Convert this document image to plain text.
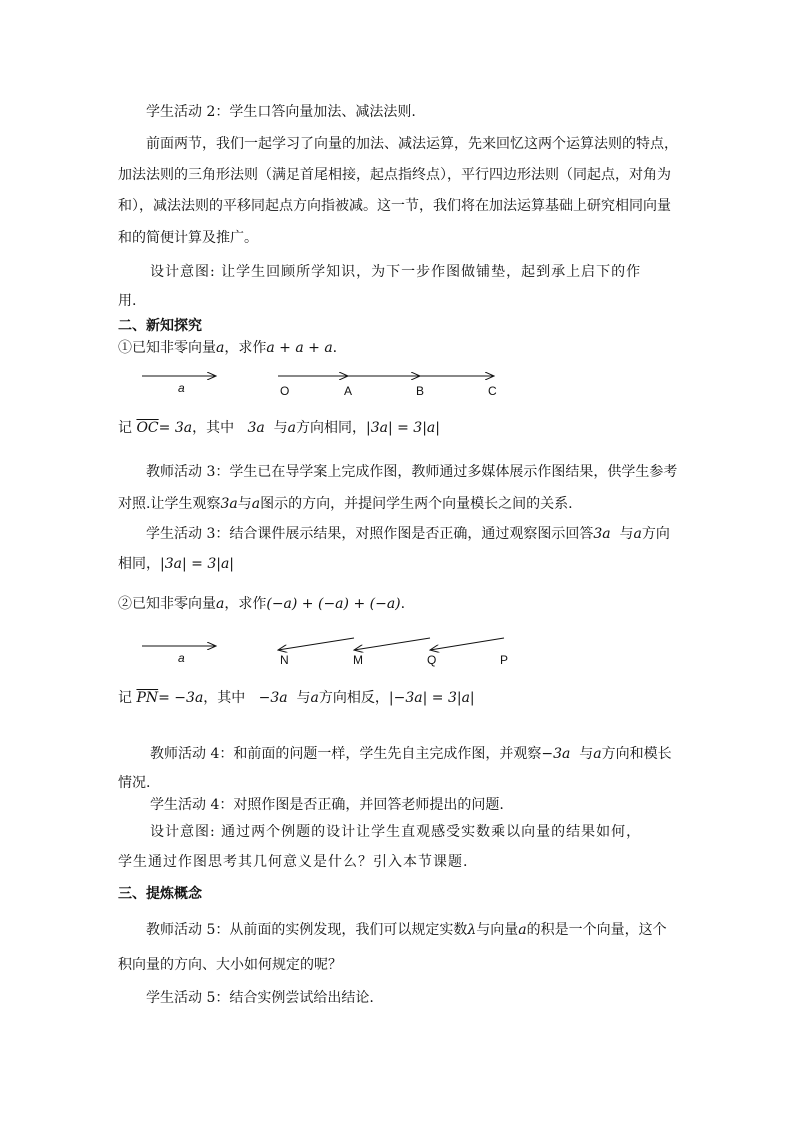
学生活动 2：学生口答向量加法、减法法则.
前面两节，我们一起学习了向量的加法、减法运算，先来回忆这两个运算法则的特点，
加法法则的三角形法则（满足首尾相接，起点指终点），平行四边形法则（同起点，对角为
和），减法法则的平移同起点方向指被减。这一节，我们将在加法运算基础上研究相同向量
和的简便计算及推广。
设计意图: 让学生回顾所学知识，为下一步作图做铺垫，起到承上启下的作
用.
二、新知探究
①已知非零向量a，求作a + a + a.
a	O	A	B	C
记 $\overline{OC}= 3a$，其中 3a 与a方向相同，|3a| = 3|a|
教师活动 3：学生已在导学案上完成作图，教师通过多媒体展示作图结果，供学生参考
对照.让学生观察3a与a图示的方向，并提问学生两个向量模长之间的关系.
学生活动 3：结合课件展示结果，对照作图是否正确，通过观察图示回答3a 与a方向
相同，|3a| = 3|a|
②已知非零向量a，求作(−a) + (−a) + (−a).
a	N	M	Q	P
记 $\overline{PN}= -3a$，其中 −3a 与a方向相反，|−3a| = 3|a|
教师活动 4：和前面的问题一样，学生先自主完成作图，并观察−3a 与a方向和模长
情况.
学生活动 4：对照作图是否正确，并回答老师提出的问题.
设计意图: 通过两个例题的设计让学生直观感受实数乘以向量的结果如何，
学生通过作图思考其几何意义是什么？引入本节课题.
三、提炼概念
教师活动 5：从前面的实例发现，我们可以规定实数λ与向量a的积是一个向量，这个
积向量的方向、大小如何规定的呢？
学生活动 5：结合实例尝试给出结论.
